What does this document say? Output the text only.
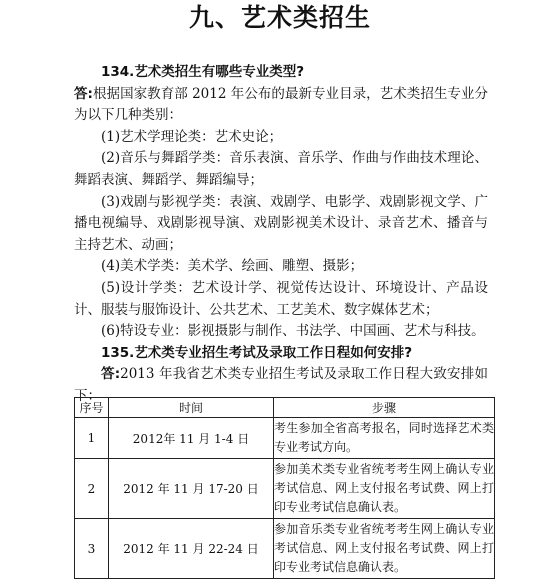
九、艺术类招生

134.艺术类招生有哪些专业类型?

答:根据国家教育部 2012 年公布的最新专业目录，艺术类招生专业分为以下几种类别：

(1)艺术学理论类：艺术史论；

(2)音乐与舞蹈学类：音乐表演、音乐学、作曲与作曲技术理论、舞蹈表演、舞蹈学、舞蹈编导；

(3)戏剧与影视学类：表演、戏剧学、电影学、戏剧影视文学、广播电视编导、戏剧影视导演、戏剧影视美术设计、录音艺术、播音与主持艺术、动画；

(4)美术学类：美术学、绘画、雕塑、摄影；

(5)设计学类：艺术设计学、视觉传达设计、环境设计、产品设计、服装与服饰设计、公共艺术、工艺美术、数字媒体艺术；

(6)特设专业：影视摄影与制作、书法学、中国画、艺术与科技。

135.艺术类专业招生考试及录取工作日程如何安排?

答:2013 年我省艺术类专业招生考试及录取工作日程大致安排如下：

序号	时间	步骤
1	2012年 11 月 1-4 日	考生参加全省高考报名，同时选择艺术类专业考试方向。
2	2012 年 11 月 17-20 日	参加美术类专业省统考考生网上确认专业考试信息、网上支付报名考试费、网上打印专业考试信息确认表。
3	2012 年 11 月 22-24 日	参加音乐类专业省统考考生网上确认专业考试信息、网上支付报名考试费、网上打印专业考试信息确认表。
